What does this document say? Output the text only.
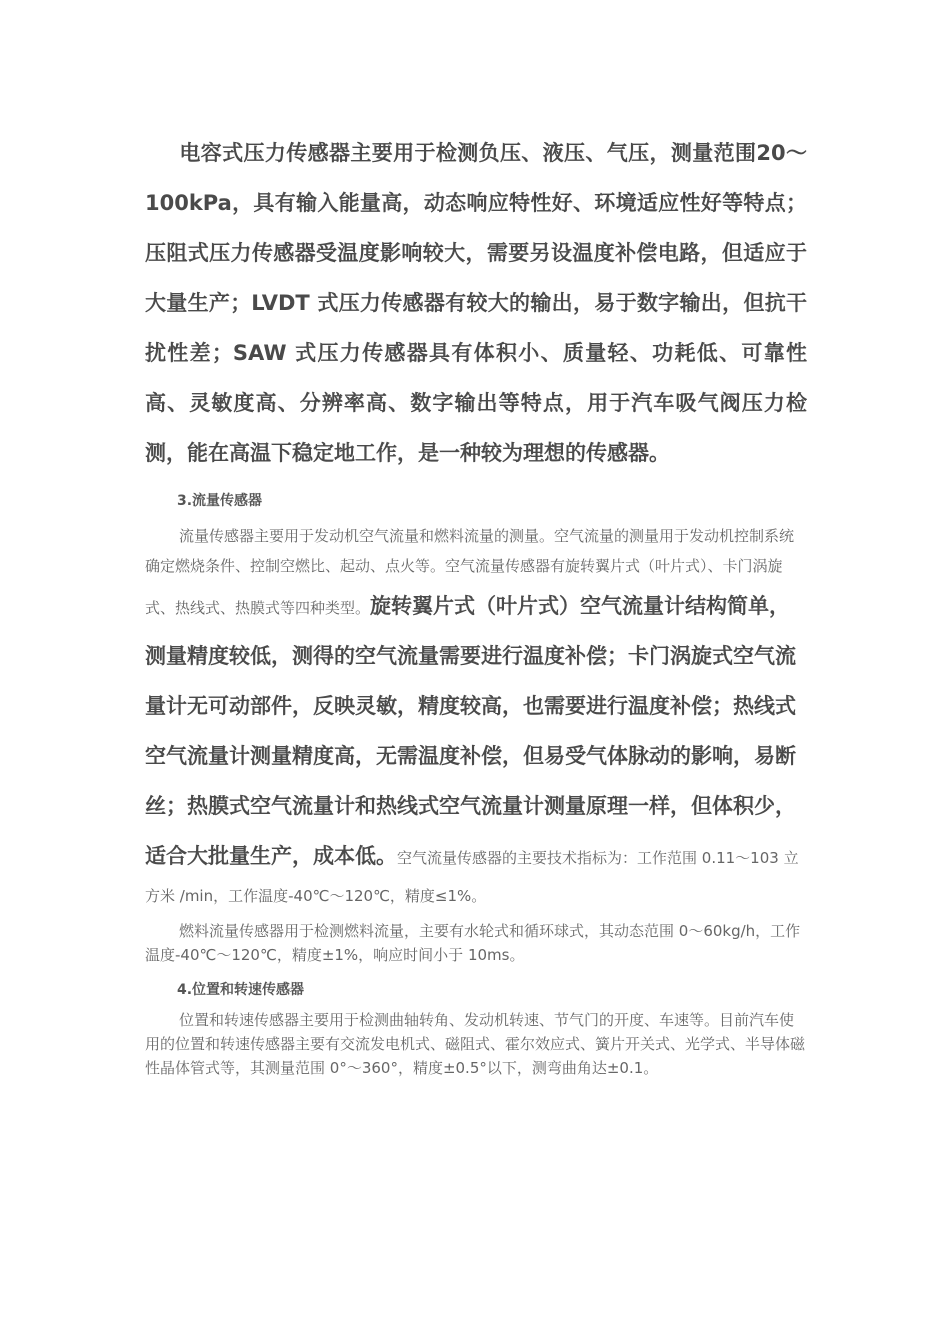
电容式压力传感器主要用于检测负压、液压、气压，测量范围20～100kPa，具有输入能量高，动态响应特性好、环境适应性好等特点；压阻式压力传感器受温度影响较大，需要另设温度补偿电路，但适应于大量生产；LVDT 式压力传感器有较大的输出，易于数字输出，但抗干扰性差；SAW 式压力传感器具有体积小、质量轻、功耗低、可靠性高、灵敏度高、分辨率高、数字输出等特点，用于汽车吸气阀压力检测，能在高温下稳定地工作，是一种较为理想的传感器。

3.流量传感器

流量传感器主要用于发动机空气流量和燃料流量的测量。空气流量的测量用于发动机控制系统确定燃烧条件、控制空燃比、起动、点火等。空气流量传感器有旋转翼片式（叶片式）、卡门涡旋式、热线式、热膜式等四种类型。旋转翼片式（叶片式）空气流量计结构简单，测量精度较低，测得的空气流量需要进行温度补偿；卡门涡旋式空气流量计无可动部件，反映灵敏，精度较高，也需要进行温度补偿；热线式空气流量计测量精度高，无需温度补偿，但易受气体脉动的影响，易断丝；热膜式空气流量计和热线式空气流量计测量原理一样，但体积少，适合大批量生产，成本低。空气流量传感器的主要技术指标为：工作范围 0.11～103 立方米 /min，工作温度-40℃～120℃，精度≤1%。

燃料流量传感器用于检测燃料流量，主要有水轮式和循环球式，其动态范围 0～60kg/h，工作温度-40℃～120℃，精度±1%，响应时间小于 10ms。

4.位置和转速传感器

位置和转速传感器主要用于检测曲轴转角、发动机转速、节气门的开度、车速等。目前汽车使用的位置和转速传感器主要有交流发电机式、磁阻式、霍尔效应式、簧片开关式、光学式、半导体磁性晶体管式等，其测量范围 0°～360°，精度±0.5°以下，测弯曲角达±0.1。
